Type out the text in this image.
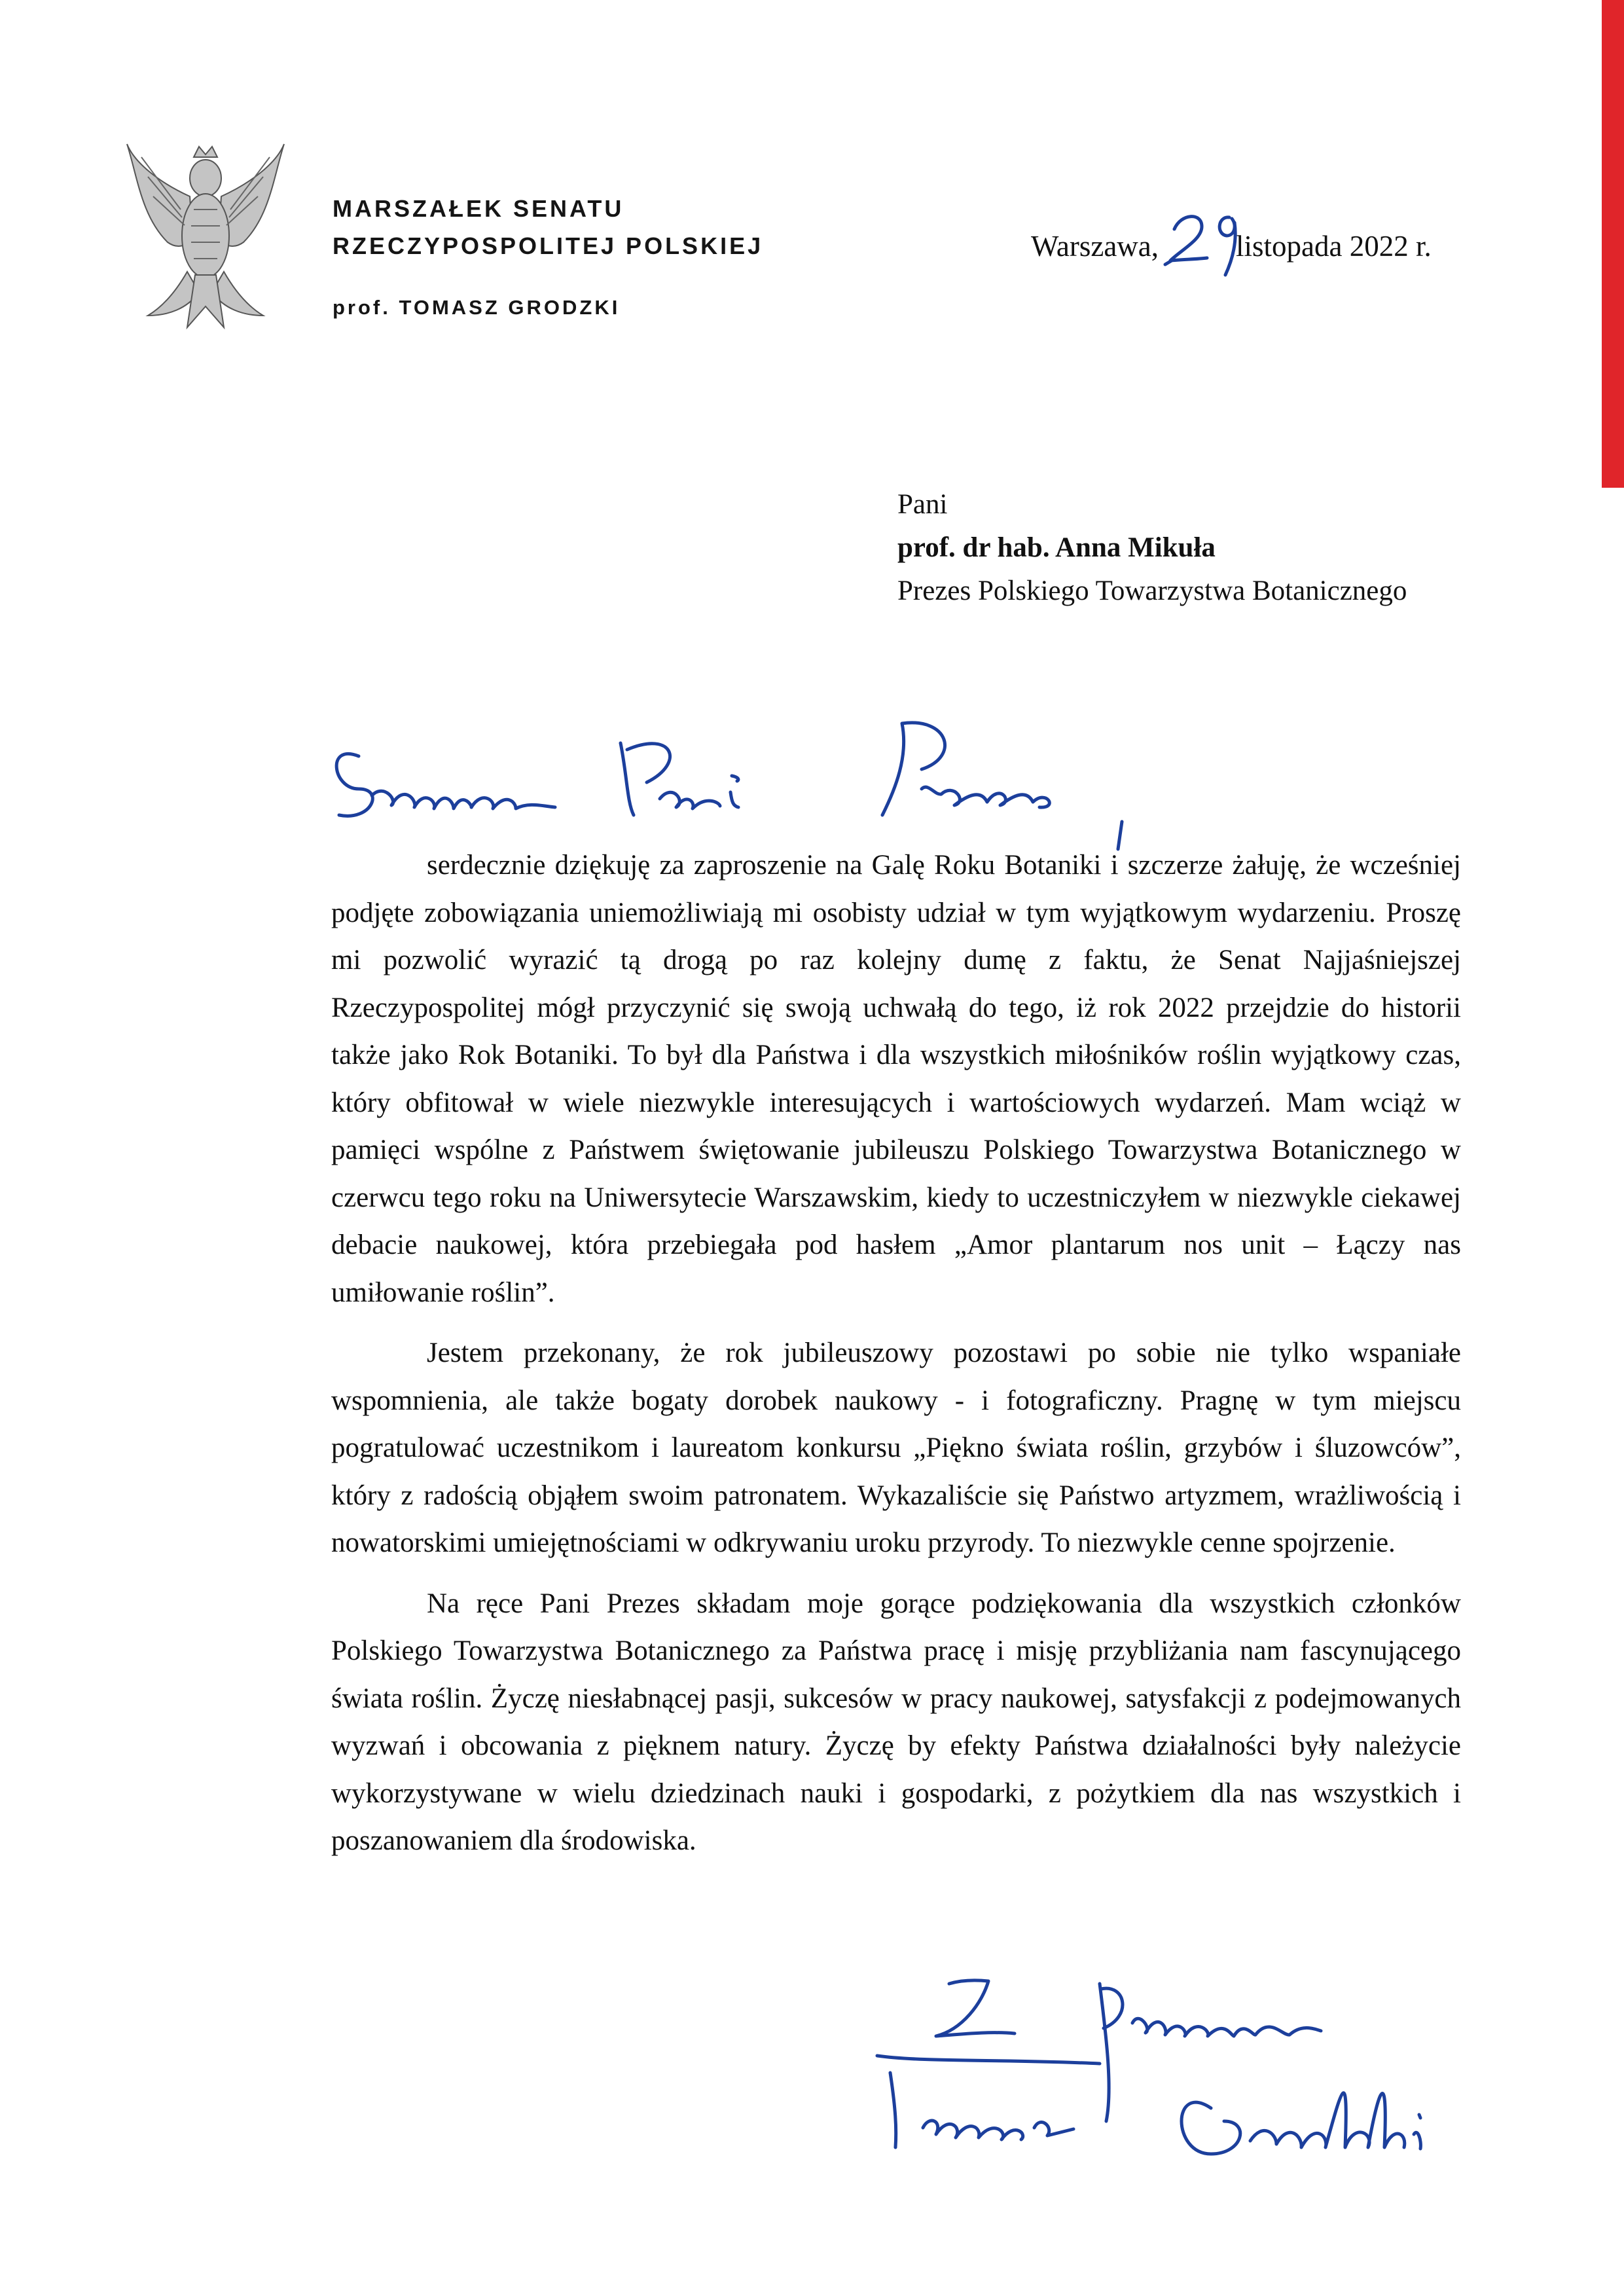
MARSZAŁEK SENATU
RZECZYPOSPOLITEJ POLSKIEJ
prof. TOMASZ GRODZKI
Warszawa,	listopada 2022 r.
Pani
prof. dr hab. Anna Mikuła
Prezes Polskiego Towarzystwa Botanicznego

serdecznie dziękuję za zaproszenie na Galę Roku Botaniki i szczerze żałuję, że wcześniej podjęte zobowiązania uniemożliwiają mi osobisty udział w tym wyjątkowym wydarzeniu. Proszę mi pozwolić wyrazić tą drogą po raz kolejny dumę z faktu, że Senat Najjaśniejszej Rzeczypospolitej mógł przyczynić się swoją uchwałą do tego, iż rok 2022 przejdzie do historii także jako Rok Botaniki. To był dla Państwa i dla wszystkich miłośników roślin wyjątkowy czas, który obfitował w wiele niezwykle interesujących i wartościowych wydarzeń. Mam wciąż w pamięci wspólne z Państwem świętowanie jubileuszu Polskiego Towarzystwa Botanicznego w czerwcu tego roku na Uniwersytecie Warszawskim, kiedy to uczestniczyłem w niezwykle ciekawej debacie naukowej, która przebiegała pod hasłem „Amor plantarum nos unit – Łączy nas umiłowanie roślin”.

Jestem przekonany, że rok jubileuszowy pozostawi po sobie nie tylko wspaniałe wspomnienia, ale także bogaty dorobek naukowy - i fotograficzny. Pragnę w tym miejscu pogratulować uczestnikom i laureatom konkursu „Piękno świata roślin, grzybów i śluzowców”, który z radością objąłem swoim patronatem. Wykazaliście się Państwo artyzmem, wrażliwością i nowatorskimi umiejętnościami w odkrywaniu uroku przyrody. To niezwykle cenne spojrzenie.

Na ręce Pani Prezes składam moje gorące podziękowania dla wszystkich członków Polskiego Towarzystwa Botanicznego za Państwa pracę i misję przybliżania nam fascynującego świata roślin. Życzę niesłabnącej pasji, sukcesów w pracy naukowej, satysfakcji z podejmowanych wyzwań i obcowania z pięknem natury. Życzę by efekty Państwa działalności były należycie wykorzystywane w wielu dziedzinach nauki i gospodarki, z pożytkiem dla nas wszystkich i poszanowaniem dla środowiska.
